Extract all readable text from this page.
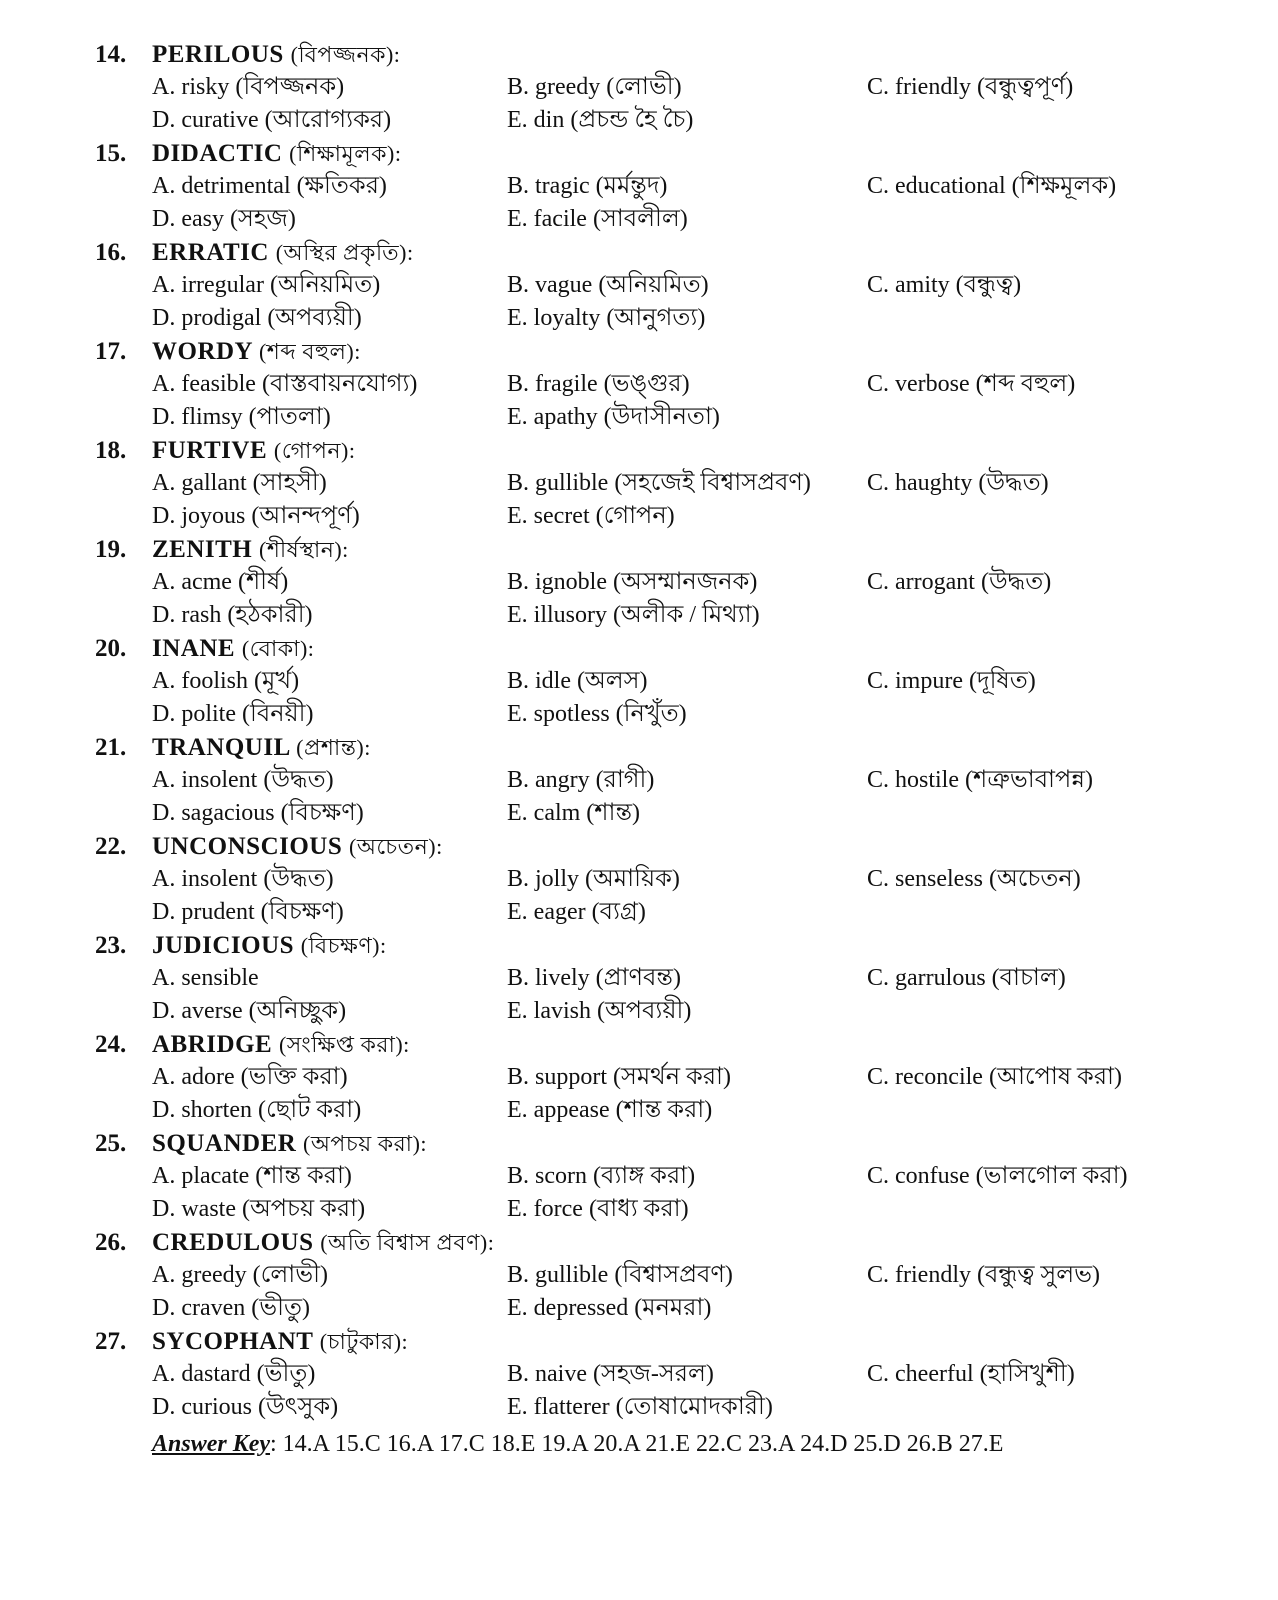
14. PERILOUS (বিপজ্জনক):
A. risky (বিপজ্জনক)	B. greedy (লোভী)	C. friendly (বন্ধুত্বপূর্ণ)
D. curative (আরোগ্যকর)	E. din (প্রচন্ড হৈ চৈ)
15. DIDACTIC (শিক্ষামূলক):
A. detrimental (ক্ষতিকর)	B. tragic (মর্মন্তুদ)	C. educational (শিক্ষমূলক)
D. easy (সহজ)	E. facile (সাবলীল)
16. ERRATIC (অস্থির প্রকৃতি):
A. irregular (অনিয়মিত)	B. vague (অনিয়মিত)	C. amity (বন্ধুত্ব)
D. prodigal (অপব্যয়ী)	E. loyalty (আনুগত্য)
17. WORDY (শব্দ বহুল):
A. feasible (বাস্তবায়নযোগ্য)	B. fragile (ভঙ্গুর)	C. verbose (শব্দ বহুল)
D. flimsy (পাতলা)	E. apathy (উদাসীনতা)
18. FURTIVE (গোপন):
A. gallant (সাহসী)	B. gullible (সহজেই বিশ্বাসপ্রবণ) C. haughty (উদ্ধত)
D. joyous (আনন্দপূর্ণ)	E. secret (গোপন)
19. ZENITH (শীর্ষস্থান):
A. acme (শীর্ষ)	B. ignoble (অসম্মানজনক)	C. arrogant (উদ্ধত)
D. rash (হঠকারী)	E. illusory (অলীক / মিথ্যা)
20. INANE (বোকা):
A. foolish (মূর্খ)	B. idle (অলস)	C. impure (দূষিত)
D. polite (বিনয়ী)	E. spotless (নিখুঁত)
21. TRANQUIL (প্রশান্ত):
A. insolent (উদ্ধত)	B. angry (রাগী)	C. hostile (শত্রুভাবাপন্ন)
D. sagacious (বিচক্ষণ)	E. calm (শান্ত)
22. UNCONSCIOUS (অচেতন):
A. insolent (উদ্ধত)	B. jolly (অমায়িক)	C. senseless (অচেতন)
D. prudent (বিচক্ষণ)	E. eager (ব্যগ্র)
23. JUDICIOUS (বিচক্ষণ):
A. sensible	B. lively (প্রাণবন্ত)	C. garrulous (বাচাল)
D. averse (অনিচ্ছুক)	E. lavish (অপব্যয়ী)
24. ABRIDGE (সংক্ষিপ্ত করা):
A. adore (ভক্তি করা)	B. support (সমর্থন করা)	C. reconcile (আপোষ করা)
D. shorten (ছোট করা)	E. appease (শান্ত করা)
25. SQUANDER (অপচয় করা):
A. placate (শান্ত করা)	B. scorn (ব্যাঙ্গ করা)	C. confuse (ভালগোল করা)
D. waste (অপচয় করা)	E. force (বাধ্য করা)
26. CREDULOUS (অতি বিশ্বাস প্রবণ):
A. greedy (লোভী)	B. gullible (বিশ্বাসপ্রবণ)	C. friendly (বন্ধুত্ব সুলভ)
D. craven (ভীতু)	E. depressed (মনমরা)
27. SYCOPHANT (চাটুকার):
A. dastard (ভীতু)	B. naive (সহজ-সরল)	C. cheerful (হাসিখুশী)
D. curious (উৎসুক)	E. flatterer (তোষামোদকারী)
Answer Key: 14.A 15.C 16.A 17.C 18.E 19.A 20.A 21.E 22.C 23.A 24.D 25.D 26.B 27.E
